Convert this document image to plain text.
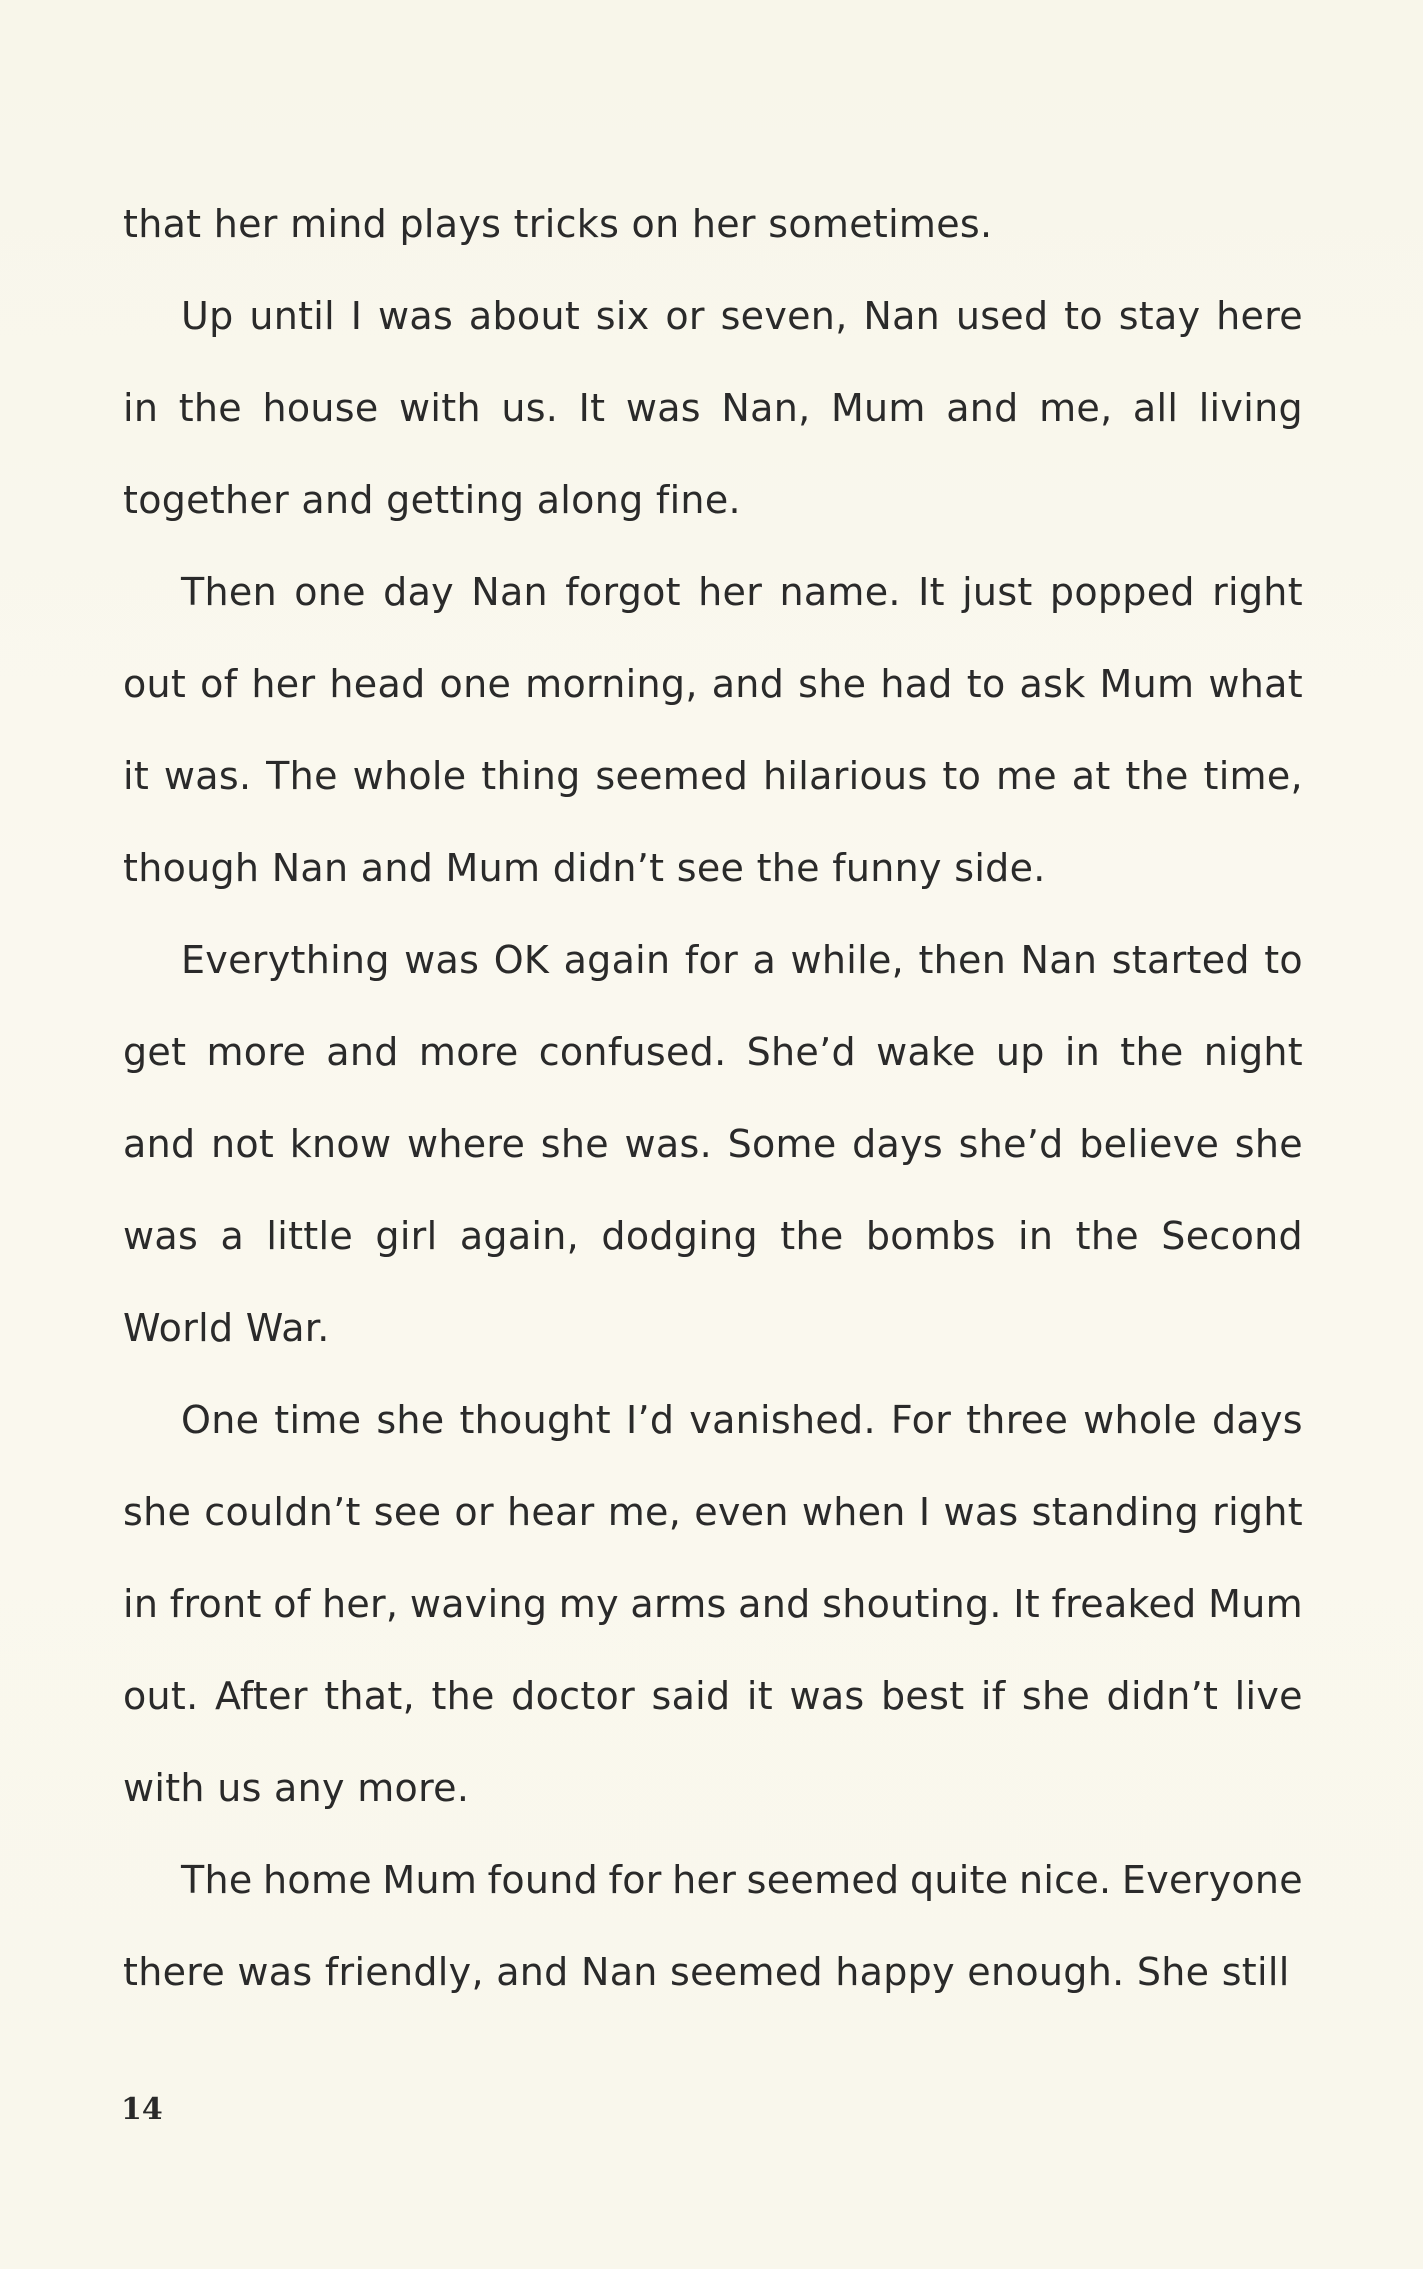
that her mind plays tricks on her sometimes.
Up until I was about six or seven, Nan used to stay here
in the house with us. It was Nan, Mum and me, all living
together and getting along fine.
Then one day Nan forgot her name. It just popped right
out of her head one morning, and she had to ask Mum what
it was. The whole thing seemed hilarious to me at the time,
though Nan and Mum didn’t see the funny side.
Everything was OK again for a while, then Nan started to
get more and more confused. She’d wake up in the night
and not know where she was. Some days she’d believe she
was a little girl again, dodging the bombs in the Second
World War.
One time she thought I’d vanished. For three whole days
she couldn’t see or hear me, even when I was standing right
in front of her, waving my arms and shouting. It freaked Mum
out. After that, the doctor said it was best if she didn’t live
with us any more.
The home Mum found for her seemed quite nice. Everyone
there was friendly, and Nan seemed happy enough. She still
14
